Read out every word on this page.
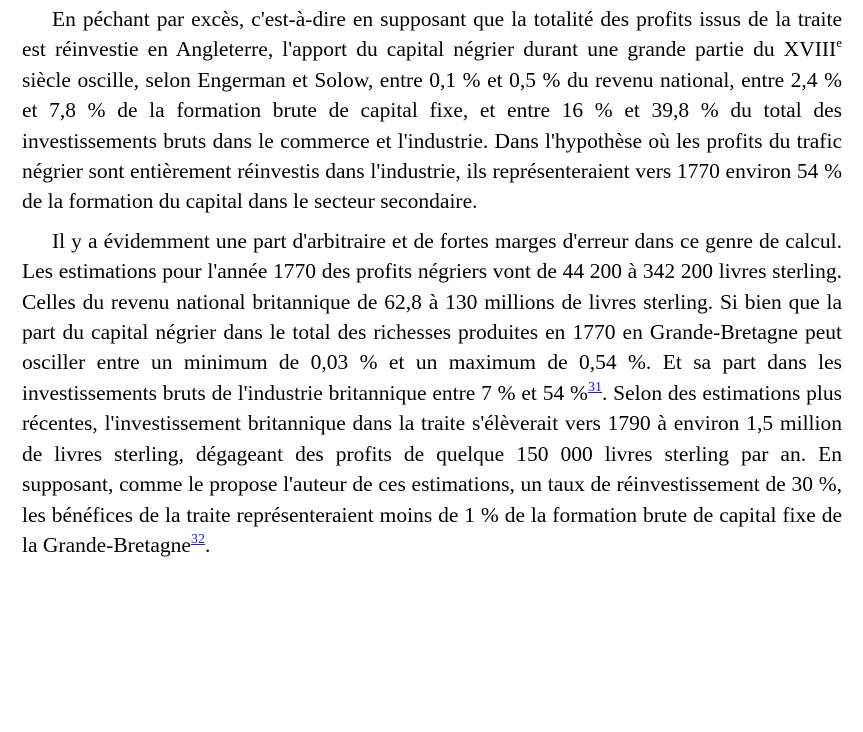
En péchant par excès, c'est-à-dire en supposant que la totalité des profits issus de la traite est réinvestie en Angleterre, l'apport du capital négrier durant une grande partie du XVIIIe siècle oscille, selon Engerman et Solow, entre 0,1 % et 0,5 % du revenu national, entre 2,4 % et 7,8 % de la formation brute de capital fixe, et entre 16 % et 39,8 % du total des investissements bruts dans le commerce et l'industrie. Dans l'hypothèse où les profits du trafic négrier sont entièrement réinvestis dans l'industrie, ils représenteraient vers 1770 environ 54 % de la formation du capital dans le secteur secondaire.

Il y a évidemment une part d'arbitraire et de fortes marges d'erreur dans ce genre de calcul. Les estimations pour l'année 1770 des profits négriers vont de 44 200 à 342 200 livres sterling. Celles du revenu national britannique de 62,8 à 130 millions de livres sterling. Si bien que la part du capital négrier dans le total des richesses produites en 1770 en Grande-Bretagne peut osciller entre un minimum de 0,03 % et un maximum de 0,54 %. Et sa part dans les investissements bruts de l'industrie britannique entre 7 % et 54 %$^{31}$. Selon des estimations plus récentes, l'investissement britannique dans la traite s'élèverait vers 1790 à environ 1,5 million de livres sterling, dégageant des profits de quelque 150 000 livres sterling par an. En supposant, comme le propose l'auteur de ces estimations, un taux de réinvestissement de 30 %, les bénéfices de la traite représenteraient moins de 1 % de la formation brute de capital fixe de la Grande-Bretagne$^{32}$.
